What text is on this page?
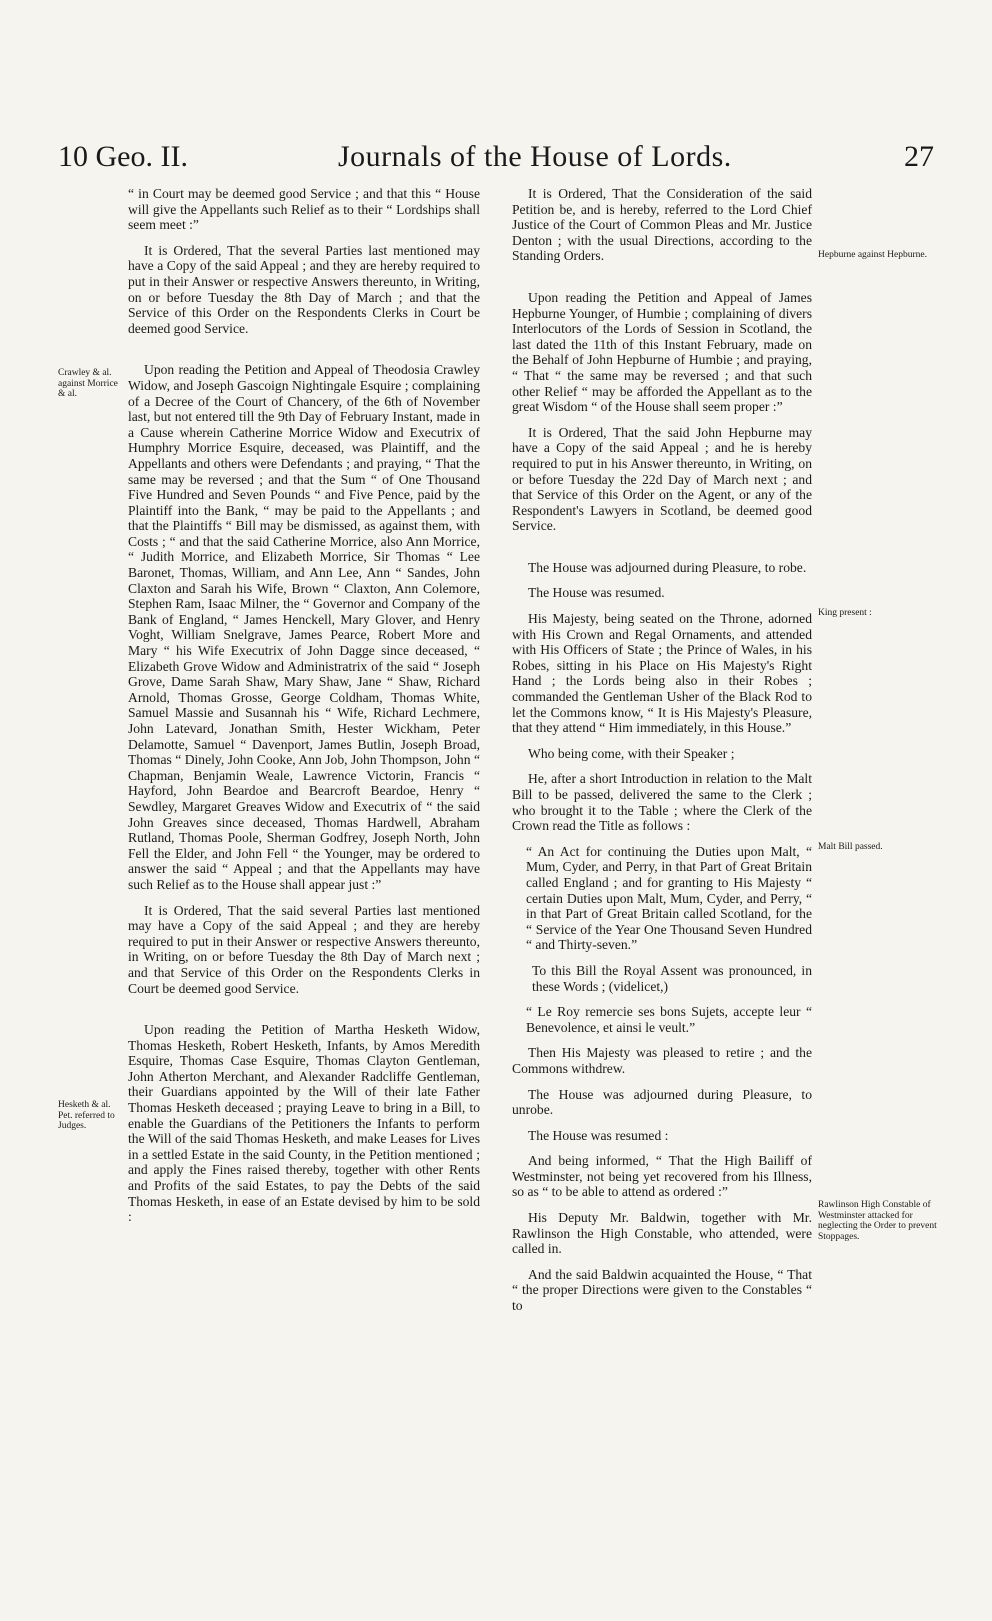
10 Geo. II.	Journals of the House of Lords.	27
Crawley & al. against Morrice & al.
Hesketh & al. Pet. referred to Judges.
Hepburne against Hepburne.
King present :
Malt Bill passed.
Rawlinson High Constable of Westminster attacked for neglecting the Order to prevent Stoppages.

“ in Court may be deemed good Service ; and that this “ House will give the Appellants such Relief as to their “ Lordships shall seem meet :”

It is Ordered, That the several Parties last mentioned may have a Copy of the said Appeal ; and they are hereby required to put in their Answer or respective Answers thereunto, in Writing, on or before Tuesday the 8th Day of March ; and that the Service of this Order on the Respondents Clerks in Court be deemed good Service.

Upon reading the Petition and Appeal of Theodosia Crawley Widow, and Joseph Gascoign Nightingale Esquire ; complaining of a Decree of the Court of Chancery, of the 6th of November last, but not entered till the 9th Day of February Instant, made in a Cause wherein Catherine Morrice Widow and Executrix of Humphry Morrice Esquire, deceased, was Plaintiff, and the Appellants and others were Defendants ; and praying, “ That the same may be reversed ; and that the Sum “ of One Thousand Five Hundred and Seven Pounds “ and Five Pence, paid by the Plaintiff into the Bank, “ may be paid to the Appellants ; and that the Plaintiffs “ Bill may be dismissed, as against them, with Costs ; “ and that the said Catherine Morrice, also Ann Morrice, “ Judith Morrice, and Elizabeth Morrice, Sir Thomas “ Lee Baronet, Thomas, William, and Ann Lee, Ann “ Sandes, John Claxton and Sarah his Wife, Brown “ Claxton, Ann Colemore, Stephen Ram, Isaac Milner, the “ Governor and Company of the Bank of England, “ James Henckell, Mary Glover, and Henry Voght, William Snelgrave, James Pearce, Robert More and Mary “ his Wife Executrix of John Dagge since deceased, “ Elizabeth Grove Widow and Administratrix of the said “ Joseph Grove, Dame Sarah Shaw, Mary Shaw, Jane “ Shaw, Richard Arnold, Thomas Grosse, George Coldham, Thomas White, Samuel Massie and Susannah his “ Wife, Richard Lechmere, John Latevard, Jonathan Smith, Hester Wickham, Peter Delamotte, Samuel “ Davenport, James Butlin, Joseph Broad, Thomas “ Dinely, John Cooke, Ann Job, John Thompson, John “ Chapman, Benjamin Weale, Lawrence Victorin, Francis “ Hayford, John Beardoe and Bearcroft Beardoe, Henry “ Sewdley, Margaret Greaves Widow and Executrix of “ the said John Greaves since deceased, Thomas Hardwell, Abraham Rutland, Thomas Poole, Sherman Godfrey, Joseph North, John Fell the Elder, and John Fell “ the Younger, may be ordered to answer the said “ Appeal ; and that the Appellants may have such Relief as to the House shall appear just :”

It is Ordered, That the said several Parties last mentioned may have a Copy of the said Appeal ; and they are hereby required to put in their Answer or respective Answers thereunto, in Writing, on or before Tuesday the 8th Day of March next ; and that Service of this Order on the Respondents Clerks in Court be deemed good Service.

Upon reading the Petition of Martha Hesketh Widow, Thomas Hesketh, Robert Hesketh, Infants, by Amos Meredith Esquire, Thomas Case Esquire, Thomas Clayton Gentleman, John Atherton Merchant, and Alexander Radcliffe Gentleman, their Guardians appointed by the Will of their late Father Thomas Hesketh deceased ; praying Leave to bring in a Bill, to enable the Guardians of the Petitioners the Infants to perform the Will of the said Thomas Hesketh, and make Leases for Lives in a settled Estate in the said County, in the Petition mentioned ; and apply the Fines raised thereby, together with other Rents and Profits of the said Estates, to pay the Debts of the said Thomas Hesketh, in ease of an Estate devised by him to be sold :

It is Ordered, That the Consideration of the said Petition be, and is hereby, referred to the Lord Chief Justice of the Court of Common Pleas and Mr. Justice Denton ; with the usual Directions, according to the Standing Orders.

Upon reading the Petition and Appeal of James Hepburne Younger, of Humbie ; complaining of divers Interlocutors of the Lords of Session in Scotland, the last dated the 11th of this Instant February, made on the Behalf of John Hepburne of Humbie ; and praying, “ That “ the same may be reversed ; and that such other Relief “ may be afforded the Appellant as to the great Wisdom “ of the House shall seem proper :”

It is Ordered, That the said John Hepburne may have a Copy of the said Appeal ; and he is hereby required to put in his Answer thereunto, in Writing, on or before Tuesday the 22d Day of March next ; and that Service of this Order on the Agent, or any of the Respondent's Lawyers in Scotland, be deemed good Service.

The House was adjourned during Pleasure, to robe.

The House was resumed.

His Majesty, being seated on the Throne, adorned with His Crown and Regal Ornaments, and attended with His Officers of State ; the Prince of Wales, in his Robes, sitting in his Place on His Majesty's Right Hand ; the Lords being also in their Robes ; commanded the Gentleman Usher of the Black Rod to let the Commons know, “ It is His Majesty's Pleasure, that they attend “ Him immediately, in this House.”

Who being come, with their Speaker ;

He, after a short Introduction in relation to the Malt Bill to be passed, delivered the same to the Clerk ; who brought it to the Table ; where the Clerk of the Crown read the Title as follows :

“ An Act for continuing the Duties upon Malt, “ Mum, Cyder, and Perry, in that Part of Great Britain called England ; and for granting to His Majesty “ certain Duties upon Malt, Mum, Cyder, and Perry, “ in that Part of Great Britain called Scotland, for the “ Service of the Year One Thousand Seven Hundred “ and Thirty-seven.”

To this Bill the Royal Assent was pronounced, in these Words ; (videlicet,)

“ Le Roy remercie ses bons Sujets, accepte leur “ Benevolence, et ainsi le veult.”

Then His Majesty was pleased to retire ; and the Commons withdrew.

The House was adjourned during Pleasure, to unrobe.

The House was resumed :

And being informed, “ That the High Bailiff of Westminster, not being yet recovered from his Illness, so as “ to be able to attend as ordered :”

His Deputy Mr. Baldwin, together with Mr. Rawlinson the High Constable, who attended, were called in.

And the said Baldwin acquainted the House, “ That “ the proper Directions were given to the Constables “ to
